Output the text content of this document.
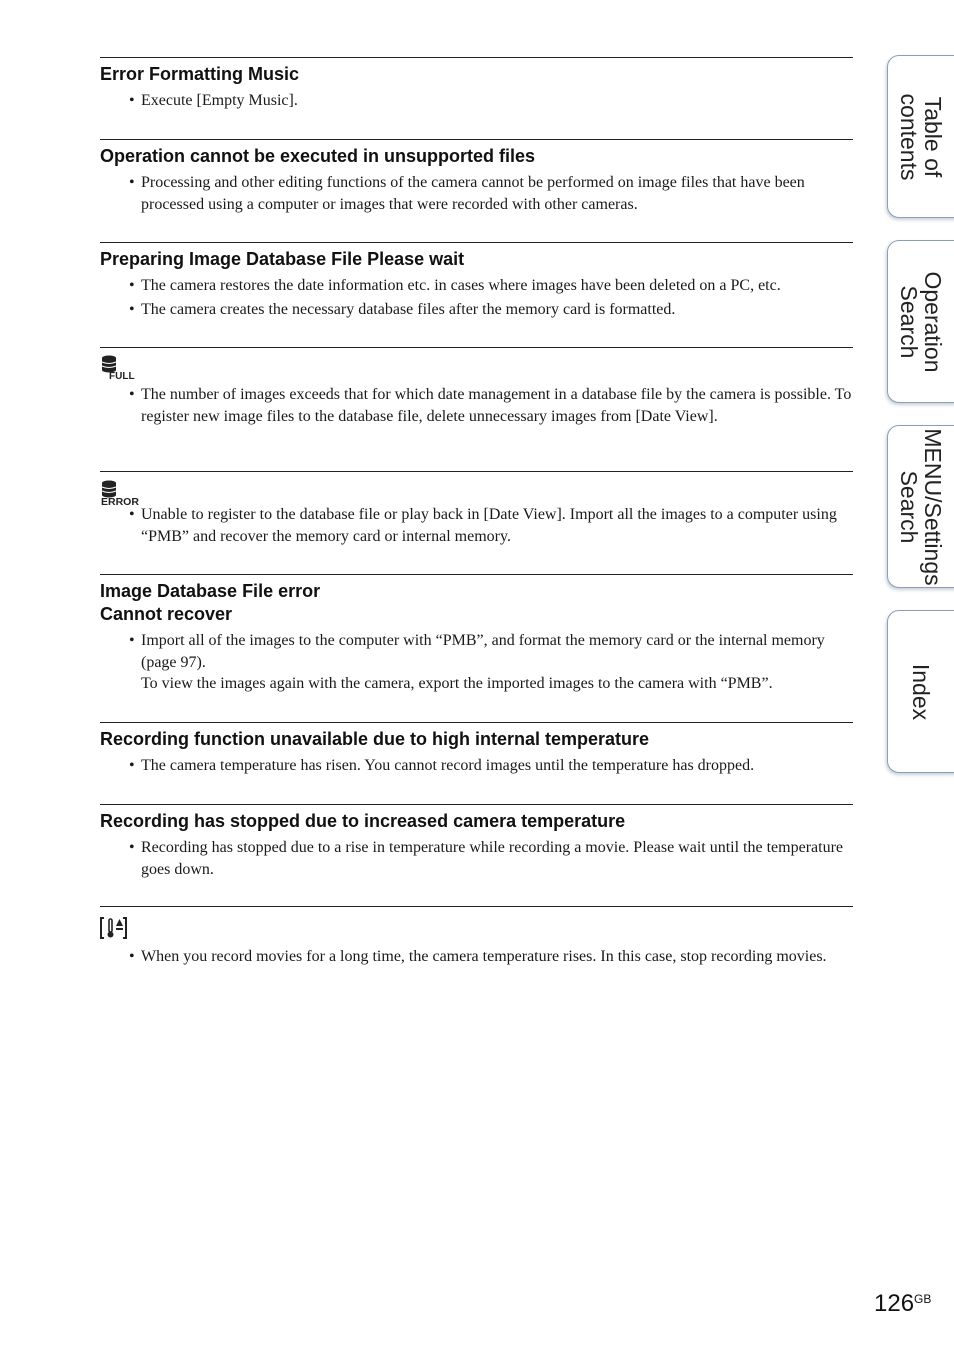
Error Formatting Music
• Execute [Empty Music].
Operation cannot be executed in unsupported files
• Processing and other editing functions of the camera cannot be performed on image files that have been processed using a computer or images that were recorded with other cameras.
Preparing Image Database File Please wait
• The camera restores the date information etc. in cases where images have been deleted on a PC, etc.
• The camera creates the necessary database files after the memory card is formatted.
FULL
• The number of images exceeds that for which date management in a database file by the camera is possible. To register new image files to the database file, delete unnecessary images from [Date View].
ERROR
• Unable to register to the database file or play back in [Date View]. Import all the images to a computer using “PMB” and recover the memory card or internal memory.
Image Database File error
Cannot recover
• Import all of the images to the computer with “PMB”, and format the memory card or the internal memory (page 97).
To view the images again with the camera, export the imported images to the camera with “PMB”.
Recording function unavailable due to high internal temperature
• The camera temperature has risen. You cannot record images until the temperature has dropped.
Recording has stopped due to increased camera temperature
• Recording has stopped due to a rise in temperature while recording a movie. Please wait until the temperature goes down.
• When you record movies for a long time, the camera temperature rises. In this case, stop recording movies.
Table of
contents
Operation
Search
MENU/Settings
Search
Index
$126^{GB}$
